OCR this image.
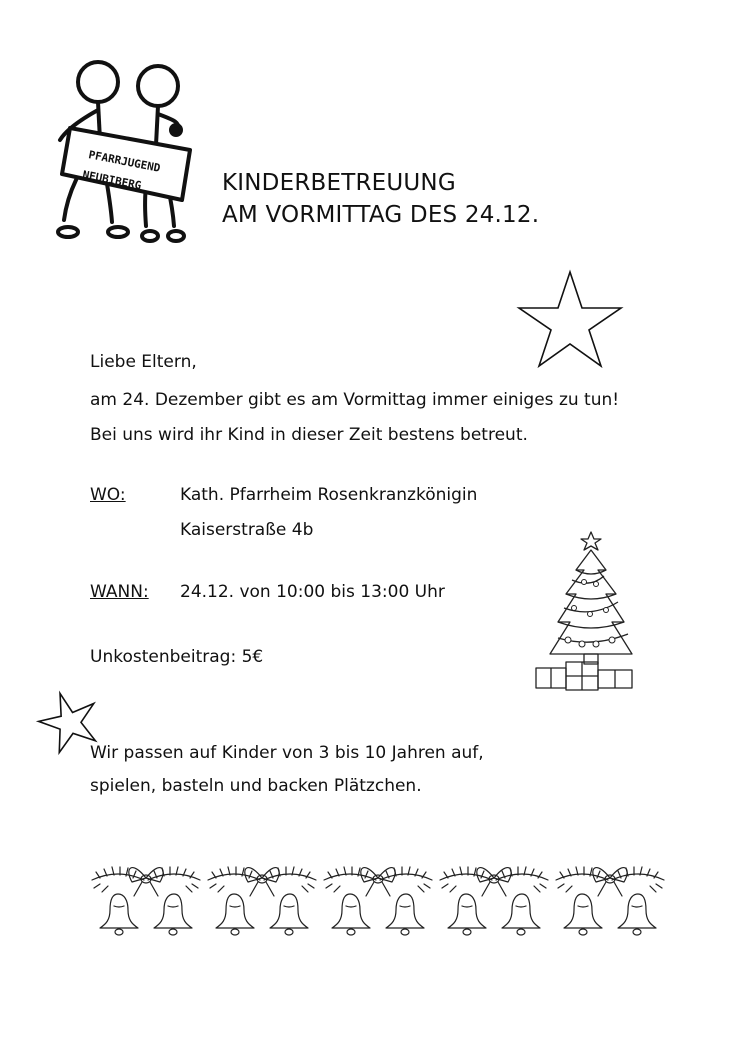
PFARRJUGEND
NEUBIBERG	KINDERBETREUUNG
AM VORMITTAG DES 24.12.
Liebe Eltern,
am 24. Dezember gibt es am Vormittag immer einiges zu tun!
Bei uns wird ihr Kind in dieser Zeit bestens betreut.
WO:	Kath. Pfarrheim Rosenkranzkönigin
Kaiserstraße 4b
WANN: 24.12. von 10:00 bis 13:00 Uhr
Unkostenbeitrag: 5€
Wir passen auf Kinder von 3 bis 10 Jahren auf,
spielen, basteln und backen Plätzchen.
